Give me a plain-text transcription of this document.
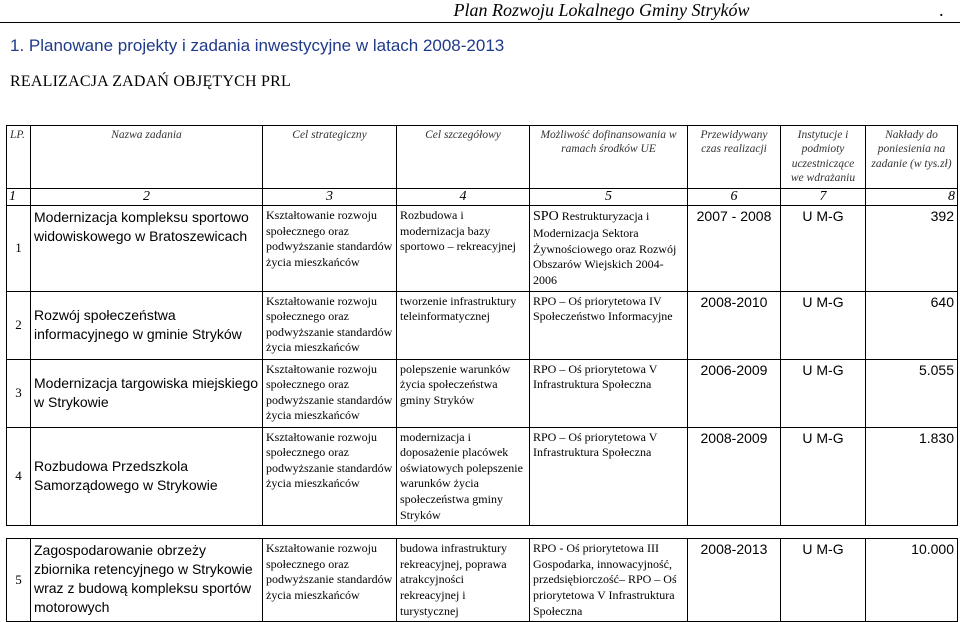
Plan Rozwoju Lokalnego Gminy Stryków	.
1. Planowane projekty i zadania inwestycyjne w latach 2008-2013
REALIZACJA ZADAŃ OBJĘTYCH PRL
LP.	Nazwa zadania	Cel strategiczny	Cel szczegółowy	Możliwość dofinansowania w ramach środków UE	Przewidywany czas realizacji	Instytucje i podmioty uczestniczące we wdrażaniu	Nakłady do poniesienia na zadanie (w tys.zł)
1	2	3	4	5	6	7	8
1	Modernizacja kompleksu sportowo widowiskowego w Bratoszewicach	Kształtowanie rozwoju społecznego oraz podwyższanie standardów życia mieszkańców	Rozbudowa i modernizacja bazy sportowo – rekreacyjnej	SPO Restrukturyzacja i Modernizacja Sektora Żywnościowego oraz Rozwój Obszarów Wiejskich 2004-2006	2007 - 2008	U M-G	392
2	Rozwój społeczeństwa informacyjnego w gminie Stryków	Kształtowanie rozwoju społecznego oraz podwyższanie standardów życia mieszkańców	tworzenie infrastruktury teleinformatycznej	RPO – Oś priorytetowa IV Społeczeństwo Informacyjne	2008-2010	U M-G	640
3	Modernizacja targowiska miejskiego w Strykowie	Kształtowanie rozwoju społecznego oraz podwyższanie standardów życia mieszkańców	polepszenie warunków życia społeczeństwa gminy Stryków	RPO – Oś priorytetowa V Infrastruktura Społeczna	2006-2009	U M-G	5.055
4	Rozbudowa Przedszkola Samorządowego w Strykowie	Kształtowanie rozwoju społecznego oraz podwyższanie standardów życia mieszkańców	modernizacja i doposażenie placówek oświatowych polepszenie warunków życia społeczeństwa gminy Stryków	RPO – Oś priorytetowa V Infrastruktura Społeczna	2008-2009	U M-G	1.830

5	Zagospodarowanie obrzeży zbiornika retencyjnego w Strykowie wraz z budową kompleksu sportów motorowych	Kształtowanie rozwoju społecznego oraz podwyższanie standardów życia mieszkańców	budowa infrastruktury rekreacyjnej, poprawa atrakcyjności rekreacyjnej i turystycznej	RPO - Oś priorytetowa III Gospodarka, innowacyjność, przedsiębiorczość– RPO – Oś priorytetowa V Infrastruktura Społeczna	2008-2013	U M-G	10.000
